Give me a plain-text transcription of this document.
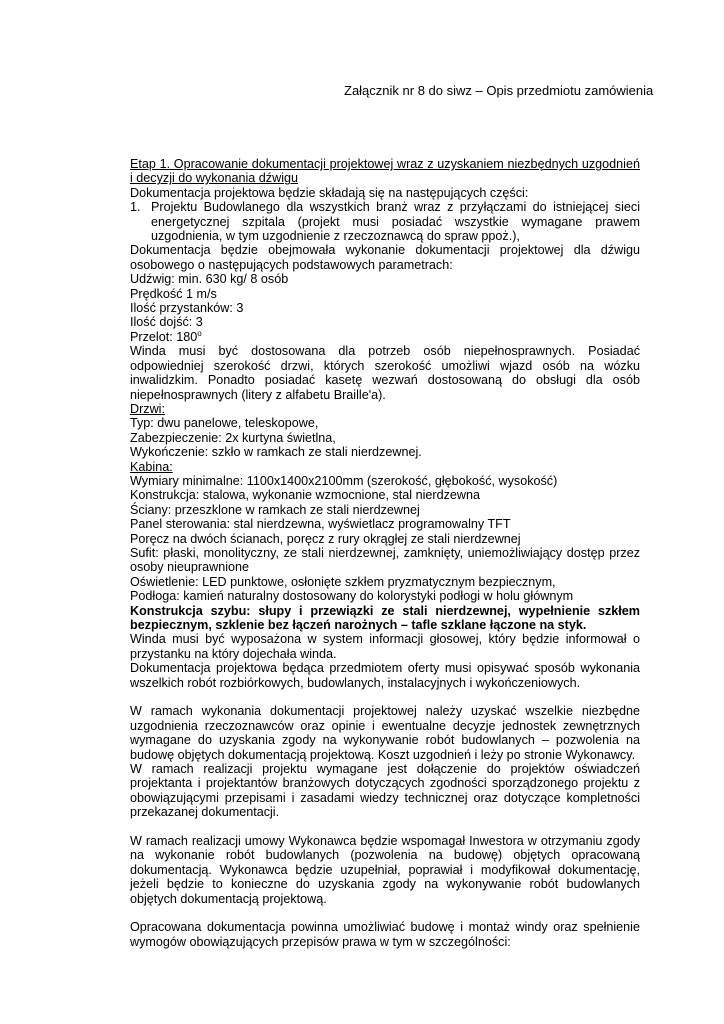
Załącznik nr 8 do siwz – Opis przedmiotu zamówienia

Etap 1. Opracowanie dokumentacji projektowej wraz z uzyskaniem niezbędnych uzgodnień i decyzji do wykonania dźwigu

Dokumentacja projektowa będzie składają się na następujących części:

1. Projektu Budowlanego dla wszystkich branż wraz z przyłączami do istniejącej sieci energetycznej szpitala (projekt musi posiadać wszystkie wymagane prawem uzgodnienia, w tym uzgodnienie z rzeczoznawcą do spraw ppoż.),

Dokumentacja będzie obejmowała wykonanie dokumentacji projektowej dla dźwigu osobowego o następujących podstawowych parametrach:

Udźwig: min. 630 kg/ 8 osób

Prędkość 1 m/s

Ilość przystanków: 3

Ilość dojść: 3

Przelot: 180$^o$

Winda musi być dostosowana dla potrzeb osób niepełnosprawnych. Posiadać odpowiedniej szerokość drzwi, których szerokość umożliwi wjazd osób na wózku inwalidzkim. Ponadto posiadać kasetę wezwań dostosowaną do obsługi dla osób niepełnosprawnych (litery z alfabetu Braille'a).

Drzwi:

Typ: dwu panelowe, teleskopowe,

Zabezpieczenie: 2x kurtyna świetlna,

Wykończenie: szkło w ramkach ze stali nierdzewnej.

Kabina:

Wymiary minimalne: 1100x1400x2100mm (szerokość, głębokość, wysokość)

Konstrukcja: stalowa, wykonanie wzmocnione, stal nierdzewna

Ściany: przeszklone w ramkach ze stali nierdzewnej

Panel sterowania: stal nierdzewna, wyświetlacz programowalny TFT

Poręcz na dwóch ścianach, poręcz z rury okrągłej ze stali nierdzewnej

Sufit: płaski, monolityczny, ze stali nierdzewnej, zamknięty, uniemożliwiający dostęp przez osoby nieuprawnione

Oświetlenie: LED punktowe, osłonięte szkłem pryzmatycznym bezpiecznym,

Podłoga: kamień naturalny dostosowany do kolorystyki podłogi w holu głównym

Konstrukcja szybu: słupy i przewiązki ze stali nierdzewnej, wypełnienie szkłem bezpiecznym, szklenie bez łączeń narożnych – tafle szklane łączone na styk.

Winda musi być wyposażona w system informacji głosowej, który będzie informował o przystanku na który dojechała winda.

Dokumentacja projektowa będąca przedmiotem oferty musi opisywać sposób wykonania wszelkich robót rozbiórkowych, budowlanych, instalacyjnych i wykończeniowych.

W ramach wykonania dokumentacji projektowej należy uzyskać wszelkie niezbędne uzgodnienia rzeczoznawców oraz opinie i ewentualne decyzje jednostek zewnętrznych wymagane do uzyskania zgody na wykonywanie robót budowlanych – pozwolenia na budowę objętych dokumentacją projektową. Koszt uzgodnień i leży po stronie Wykonawcy.

W ramach realizacji projektu wymagane jest dołączenie do projektów oświadczeń projektanta i projektantów branżowych dotyczących zgodności sporządzonego projektu z obowiązującymi przepisami i zasadami wiedzy technicznej oraz dotyczące kompletności przekazanej dokumentacji.

W ramach realizacji umowy Wykonawca będzie wspomagał Inwestora w otrzymaniu zgody na wykonanie robót budowlanych (pozwolenia na budowę) objętych opracowaną dokumentacją. Wykonawca będzie uzupełniał, poprawiał i modyfikował dokumentację, jeżeli będzie to konieczne do uzyskania zgody na wykonywanie robót budowlanych objętych dokumentacją projektową.

Opracowana dokumentacja powinna umożliwiać budowę i montaż windy oraz spełnienie wymogów obowiązujących przepisów prawa w tym w szczególności:
